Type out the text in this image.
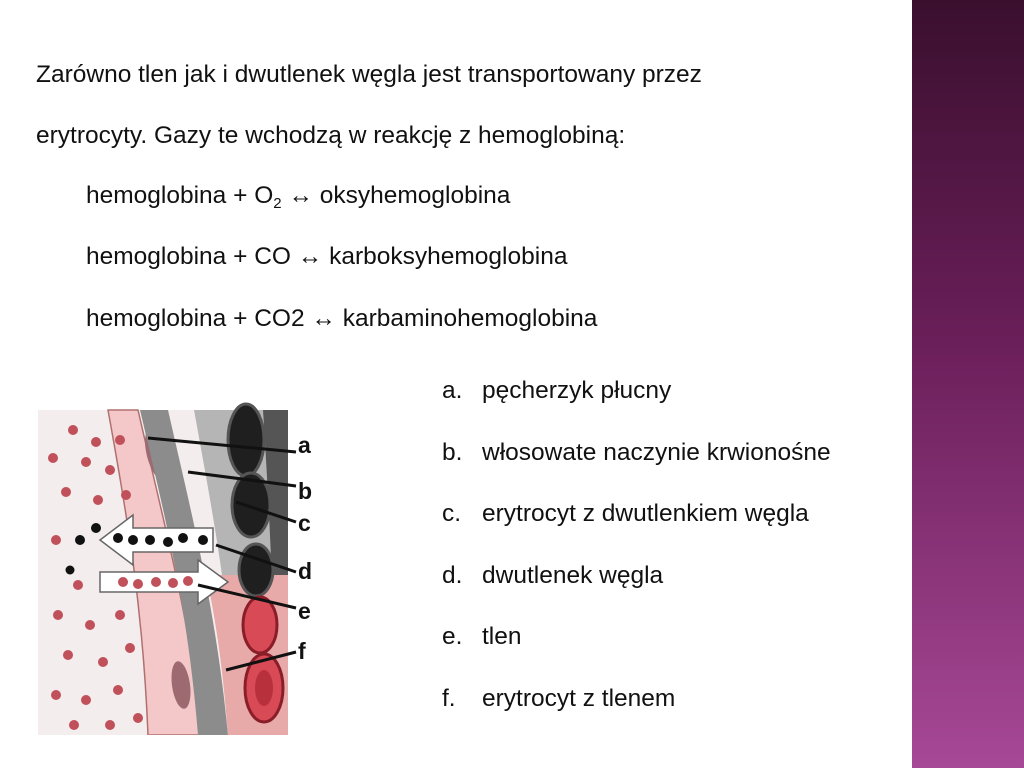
Zarówno tlen jak i dwutlenek węgla jest transportowany przez
erytrocyty. Gazy te wchodzą w reakcję z hemoglobiną:
hemoglobina + $O_2$ ↔ oksyhemoglobina
hemoglobina + CO ↔ karboksyhemoglobina
hemoglobina + CO2 ↔ karbaminohemoglobina
a
b
c
d
e
f
a. pęcherzyk płucny
b. włosowate naczynie krwionośne
c. erytrocyt z dwutlenkiem węgla
d. dwutlenek węgla
e. tlen
f. erytrocyt z tlenem
